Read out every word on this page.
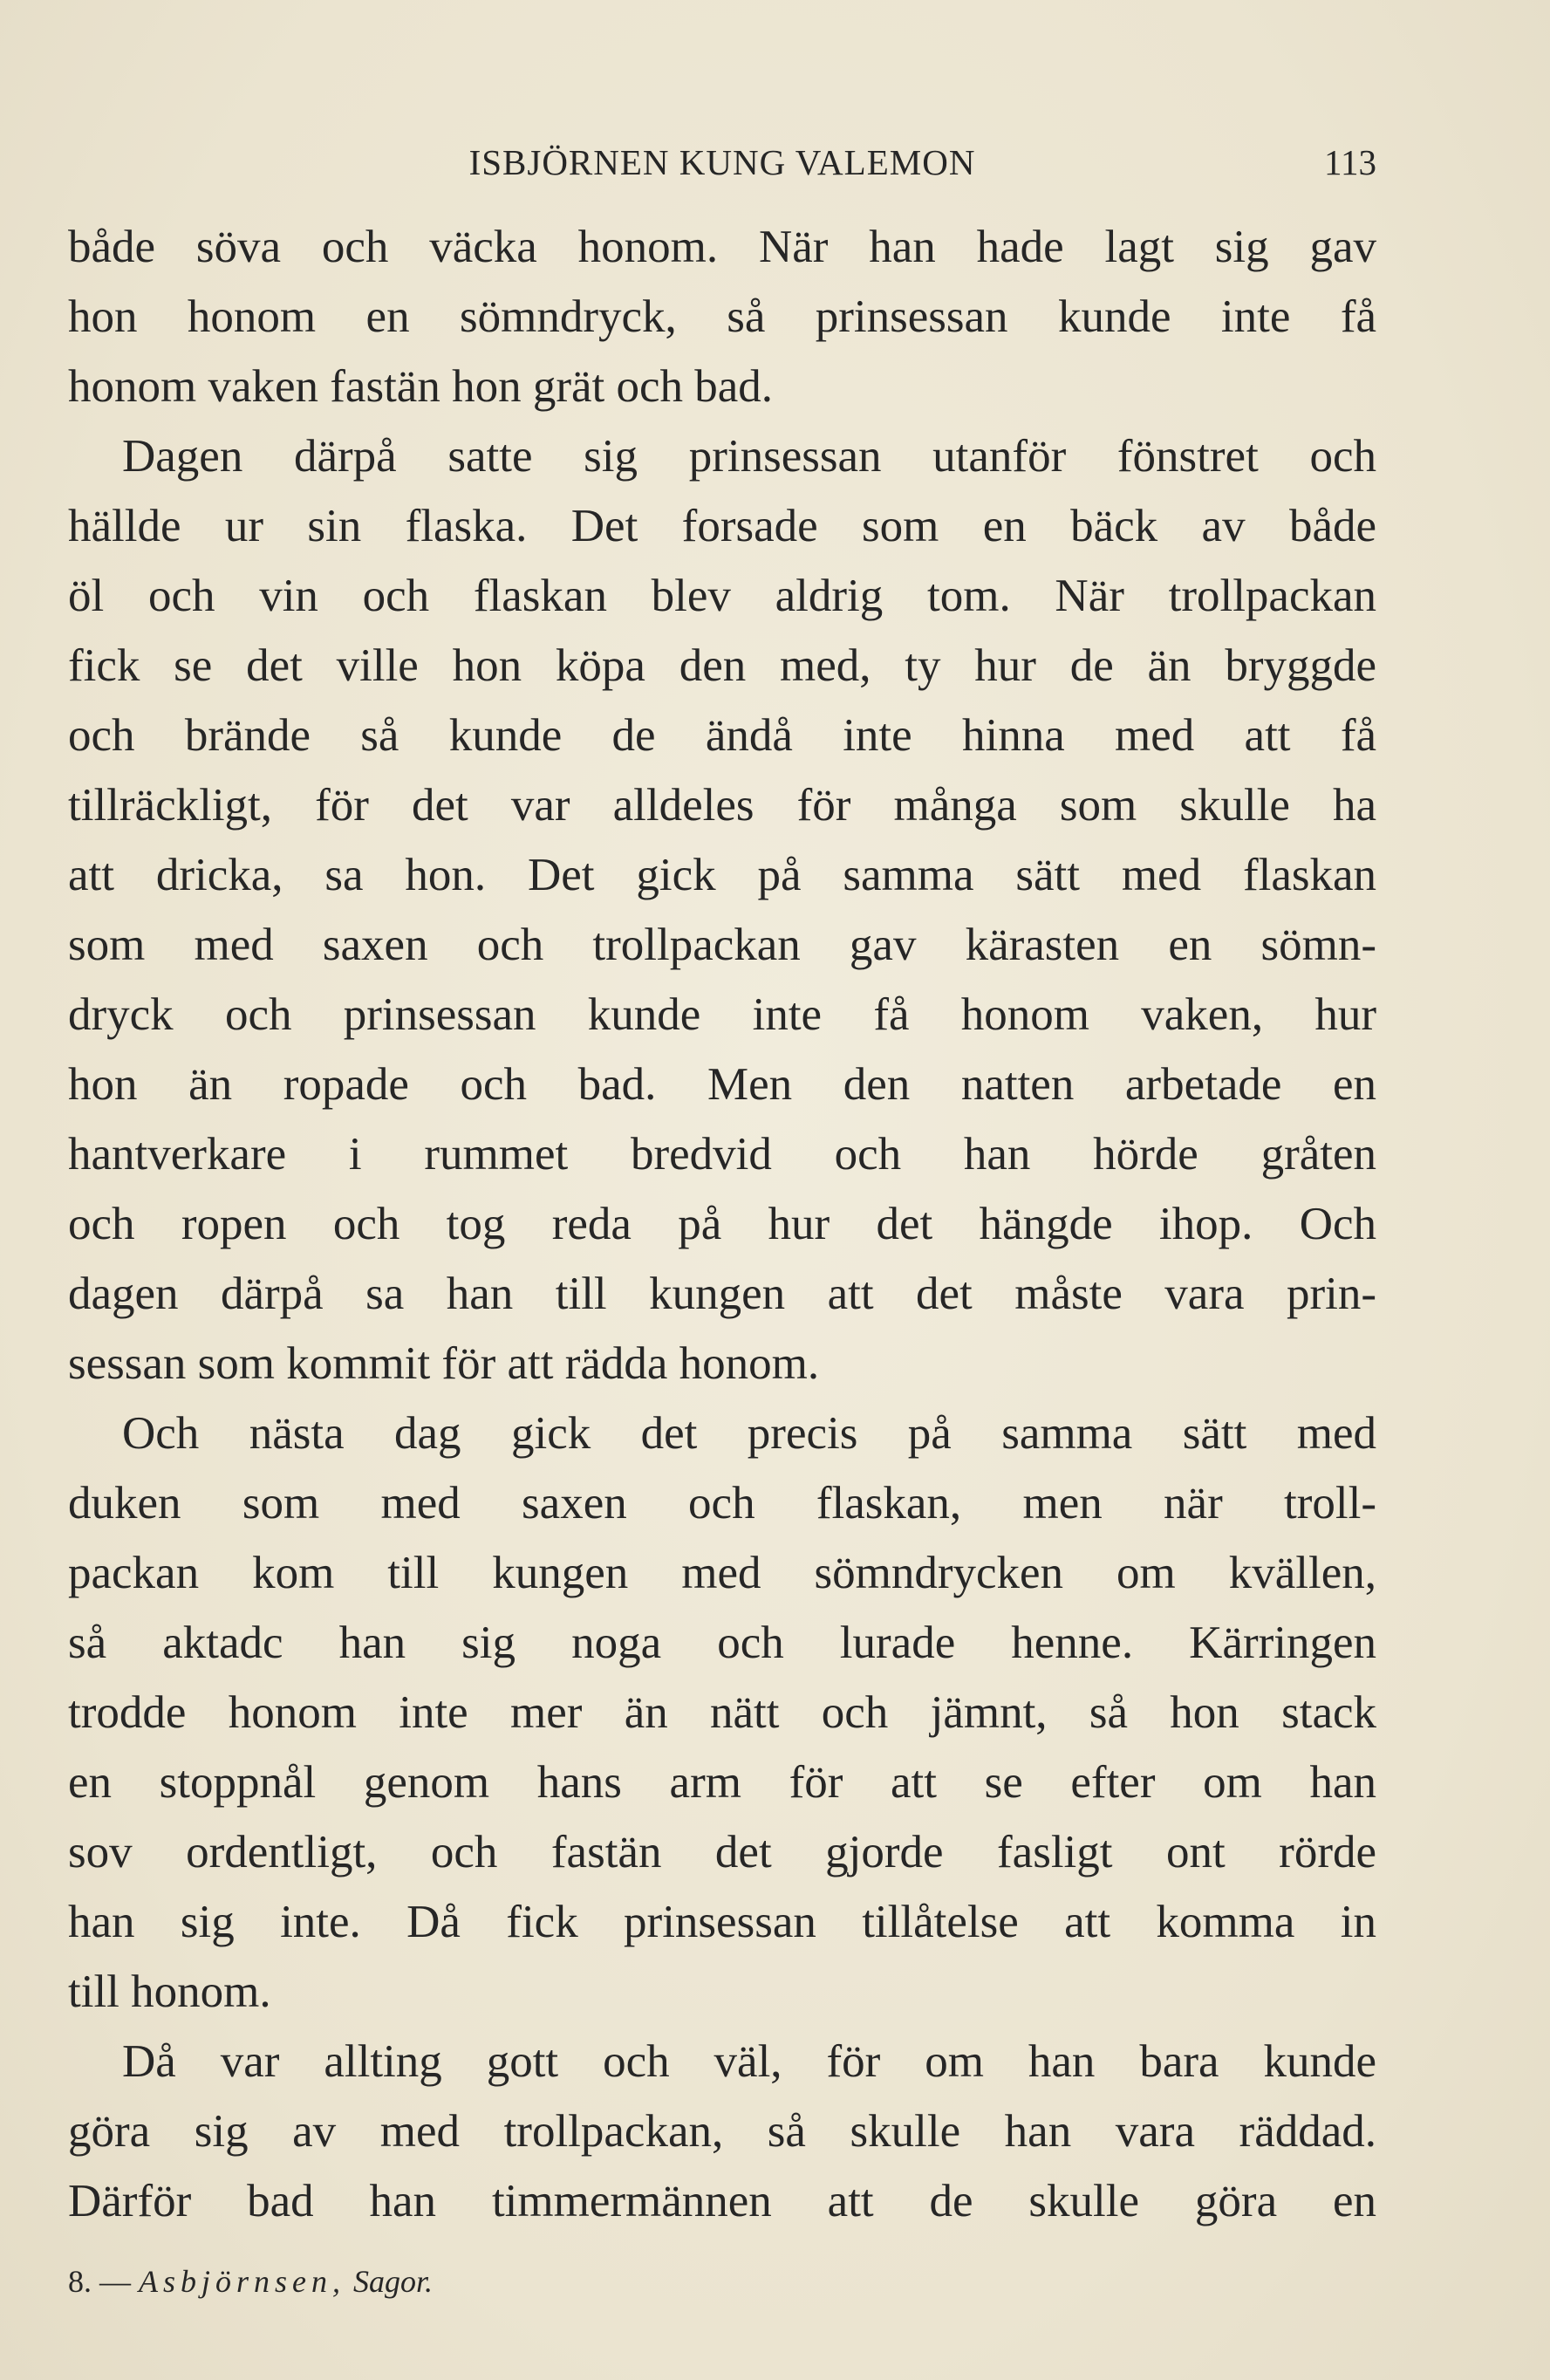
ISBJÖRNEN KUNG VALEMON	113
både söva och väcka honom. När han hade lagt sig gav
hon honom en sömndryck, så prinsessan kunde inte få
honom vaken fastän hon grät och bad.
Dagen därpå satte sig prinsessan utanför fönstret och
hällde ur sin flaska. Det forsade som en bäck av både
öl och vin och flaskan blev aldrig tom. När trollpackan
fick se det ville hon köpa den med, ty hur de än bryggde
och brände så kunde de ändå inte hinna med att få
tillräckligt, för det var alldeles för många som skulle ha
att dricka, sa hon. Det gick på samma sätt med flaskan
som med saxen och trollpackan gav kärasten en sömn-
dryck och prinsessan kunde inte få honom vaken, hur
hon än ropade och bad. Men den natten arbetade en
hantverkare i rummet bredvid och han hörde gråten
och ropen och tog reda på hur det hängde ihop. Och
dagen därpå sa han till kungen att det måste vara prin-
sessan som kommit för att rädda honom.
Och nästa dag gick det precis på samma sätt med
duken som med saxen och flaskan, men när troll-
packan kom till kungen med sömndrycken om kvällen,
så aktadc han sig noga och lurade henne. Kärringen
trodde honom inte mer än nätt och jämnt, så hon stack
en stoppnål genom hans arm för att se efter om han
sov ordentligt, och fastän det gjorde fasligt ont rörde
han sig inte. Då fick prinsessan tillåtelse att komma in
till honom.
Då var allting gott och väl, för om han bara kunde
göra sig av med trollpackan, så skulle han vara räddad.
Därför bad han timmermännen att de skulle göra en
8. — Asbjörnsen, Sagor.
